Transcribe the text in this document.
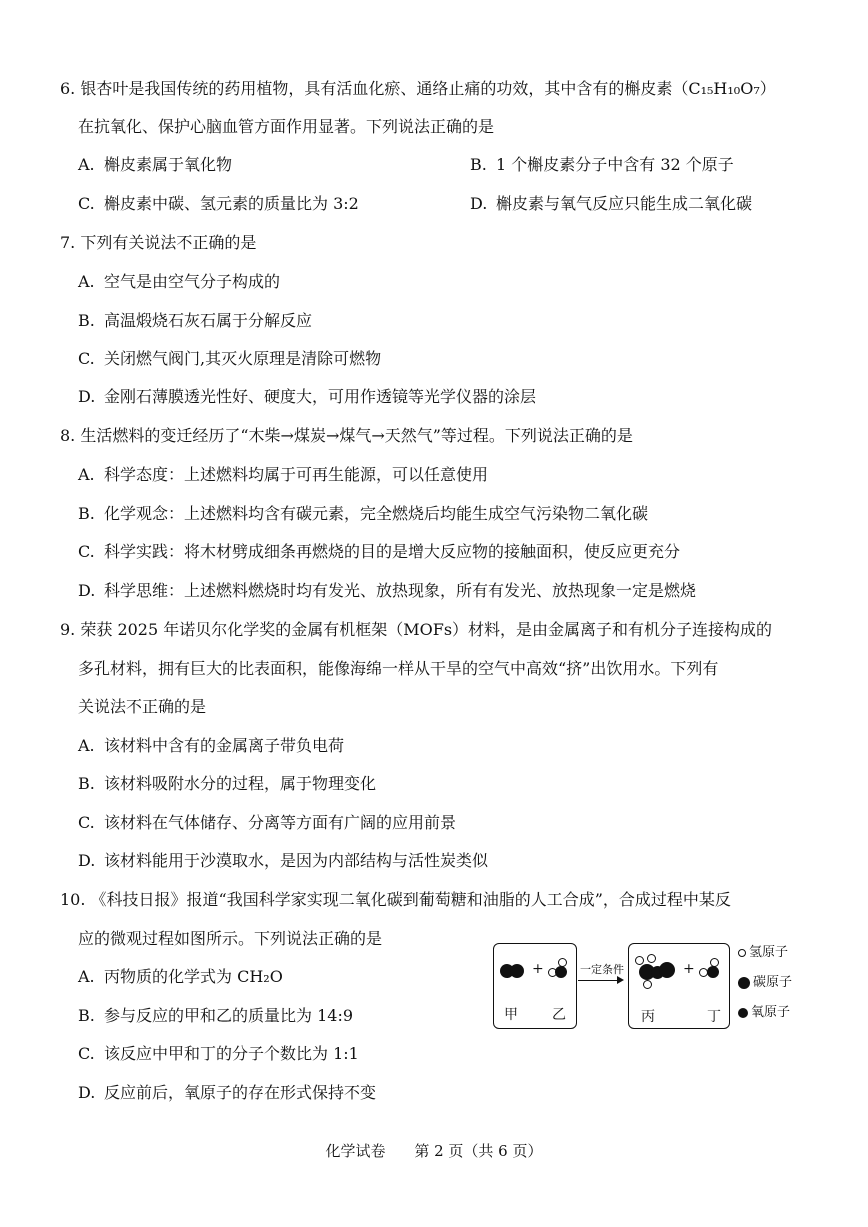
6. 银杏叶是我国传统的药用植物，具有活血化瘀、通络止痛的功效，其中含有的槲皮素（C₁₅H₁₀O₇）
在抗氧化、保护心脑血管方面作用显著。下列说法正确的是
A. 槲皮素属于氧化物	B. 1 个槲皮素分子中含有 32 个原子
C. 槲皮素中碳、氢元素的质量比为 3:2	D. 槲皮素与氧气反应只能生成二氧化碳
7. 下列有关说法不正确的是
A. 空气是由空气分子构成的
B. 高温煅烧石灰石属于分解反应
C. 关闭燃气阀门,其灭火原理是清除可燃物
D. 金刚石薄膜透光性好、硬度大，可用作透镜等光学仪器的涂层
8. 生活燃料的变迁经历了“木柴→煤炭→煤气→天然气”等过程。下列说法正确的是
A. 科学态度：上述燃料均属于可再生能源，可以任意使用
B. 化学观念：上述燃料均含有碳元素，完全燃烧后均能生成空气污染物二氧化碳
C. 科学实践：将木材劈成细条再燃烧的目的是增大反应物的接触面积，使反应更充分
D. 科学思维：上述燃料燃烧时均有发光、放热现象，所有有发光、放热现象一定是燃烧
9. 荣获 2025 年诺贝尔化学奖的金属有机框架（MOFs）材料，是由金属离子和有机分子连接构成的
多孔材料，拥有巨大的比表面积，能像海绵一样从干旱的空气中高效“挤”出饮用水。下列有
关说法不正确的是
A. 该材料中含有的金属离子带负电荷
B. 该材料吸附水分的过程，属于物理变化
C. 该材料在气体储存、分离等方面有广阔的应用前景
D. 该材料能用于沙漠取水，是因为内部结构与活性炭类似
10. 《科技日报》报道“我国科学家实现二氧化碳到葡萄糖和油脂的人工合成”，合成过程中某反
应的微观过程如图所示。下列说法正确的是
A. 丙物质的化学式为 CH₂O
B. 参与反应的甲和乙的质量比为 14:9
C. 该反应中甲和丁的分子个数比为 1:1
D. 反应前后，氧原子的存在形式保持不变
+
甲 乙
一定条件	+
丙	丁
氢原子
碳原子
氧原子
化学试卷 第 2 页（共 6 页）
